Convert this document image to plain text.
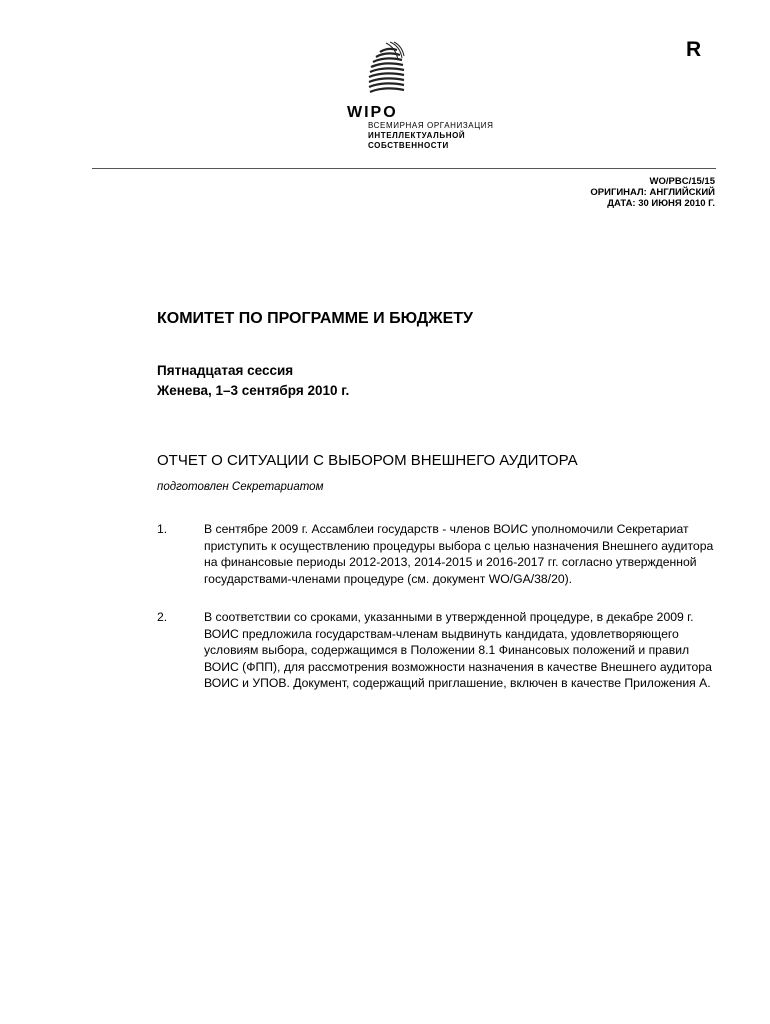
R
WIPO
ВСЕМИРНАЯ ОРГАНИЗАЦИЯ
ИНТЕЛЛЕКТУАЛЬНОЙ
СОБСТВЕННОСТИ
WO/PBC/15/15
ОРИГИНАЛ: АНГЛИЙСКИЙ
ДАТА: 30 ИЮНЯ 2010 Г.
КОМИТЕТ ПО ПРОГРАММЕ И БЮДЖЕТУ
Пятнадцатая сессия
Женева, 1–3 сентября 2010 г.
ОТЧЕТ О СИТУАЦИИ С ВЫБОРОМ ВНЕШНЕГО АУДИТОРА
подготовлен Секретариатом
1.	В сентябре 2009 г. Ассамблеи государств - членов ВОИС уполномочили Секретариат приступить к осуществлению процедуры выбора с целью назначения Внешнего аудитора на финансовые периоды 2012-2013, 2014-2015 и 2016-2017 гг. согласно утвержденной государствами-членами процедуре (см. документ WO/GA/38/20).
2.	В соответствии со сроками, указанными в утвержденной процедуре, в декабре 2009 г. ВОИС предложила государствам-членам выдвинуть кандидата, удовлетворяющего условиям выбора, содержащимся в Положении 8.1 Финансовых положений и правил ВОИС (ФПП), для рассмотрения возможности назначения в качестве Внешнего аудитора ВОИС и УПОВ. Документ, содержащий приглашение, включен в качестве Приложения А.
